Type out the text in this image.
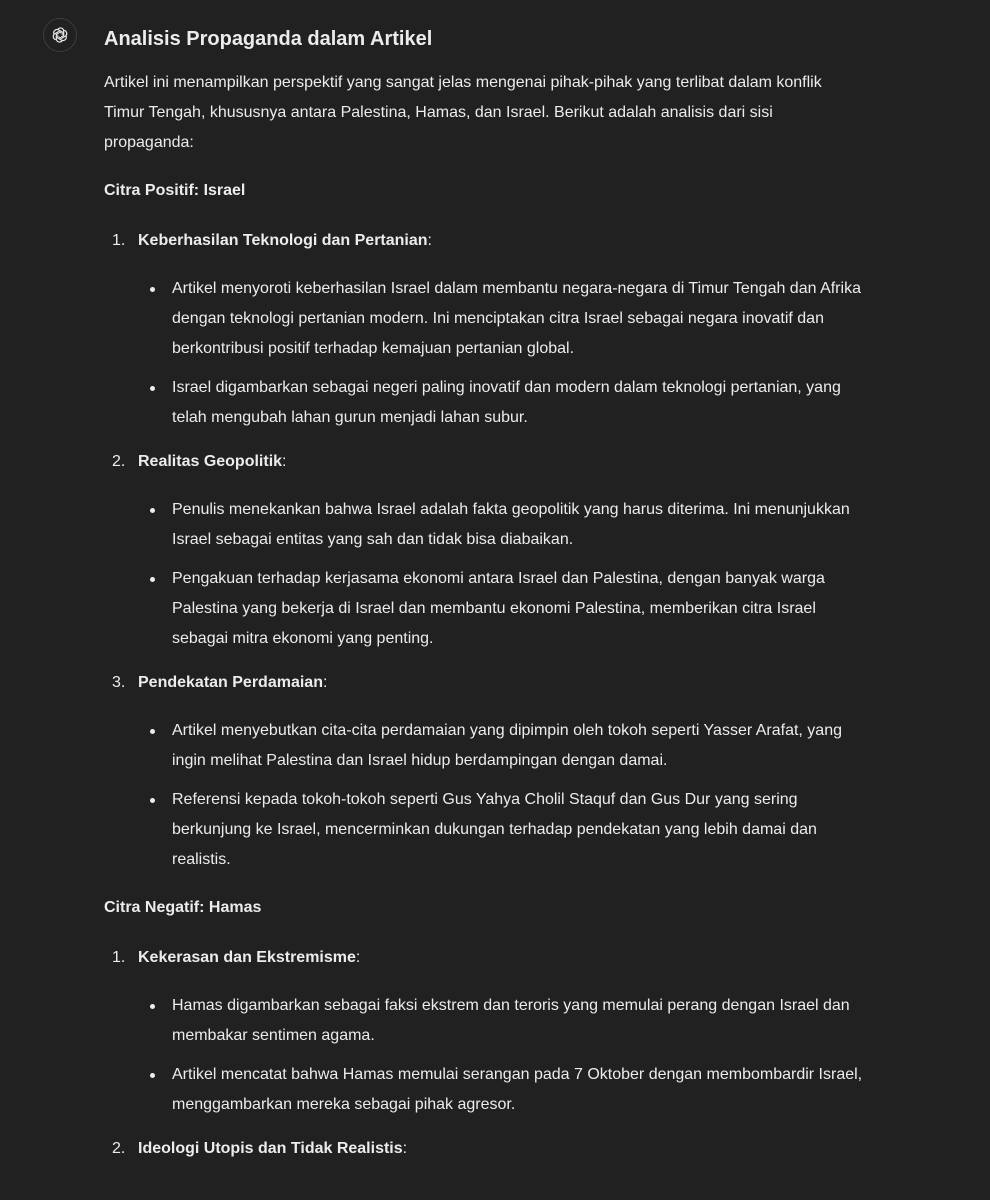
Analisis Propaganda dalam Artikel

Artikel ini menampilkan perspektif yang sangat jelas mengenai pihak-pihak yang terlibat dalam konflik Timur Tengah, khususnya antara Palestina, Hamas, dan Israel. Berikut adalah analisis dari sisi propaganda:

Citra Positif: Israel
1. Keberhasilan Teknologi dan Pertanian:
Artikel menyoroti keberhasilan Israel dalam membantu negara-negara di Timur Tengah dan Afrika dengan teknologi pertanian modern. Ini menciptakan citra Israel sebagai negara inovatif dan berkontribusi positif terhadap kemajuan pertanian global.
Israel digambarkan sebagai negeri paling inovatif dan modern dalam teknologi pertanian, yang telah mengubah lahan gurun menjadi lahan subur.
2. Realitas Geopolitik:
Penulis menekankan bahwa Israel adalah fakta geopolitik yang harus diterima. Ini menunjukkan Israel sebagai entitas yang sah dan tidak bisa diabaikan.
Pengakuan terhadap kerjasama ekonomi antara Israel dan Palestina, dengan banyak warga Palestina yang bekerja di Israel dan membantu ekonomi Palestina, memberikan citra Israel sebagai mitra ekonomi yang penting.
3. Pendekatan Perdamaian:
Artikel menyebutkan cita-cita perdamaian yang dipimpin oleh tokoh seperti Yasser Arafat, yang ingin melihat Palestina dan Israel hidup berdampingan dengan damai.
Referensi kepada tokoh-tokoh seperti Gus Yahya Cholil Staquf dan Gus Dur yang sering berkunjung ke Israel, mencerminkan dukungan terhadap pendekatan yang lebih damai dan realistis.
Citra Negatif: Hamas
1. Kekerasan dan Ekstremisme:
Hamas digambarkan sebagai faksi ekstrem dan teroris yang memulai perang dengan Israel dan membakar sentimen agama.
Artikel mencatat bahwa Hamas memulai serangan pada 7 Oktober dengan membombardir Israel, menggambarkan mereka sebagai pihak agresor.
2. Ideologi Utopis dan Tidak Realistis:
